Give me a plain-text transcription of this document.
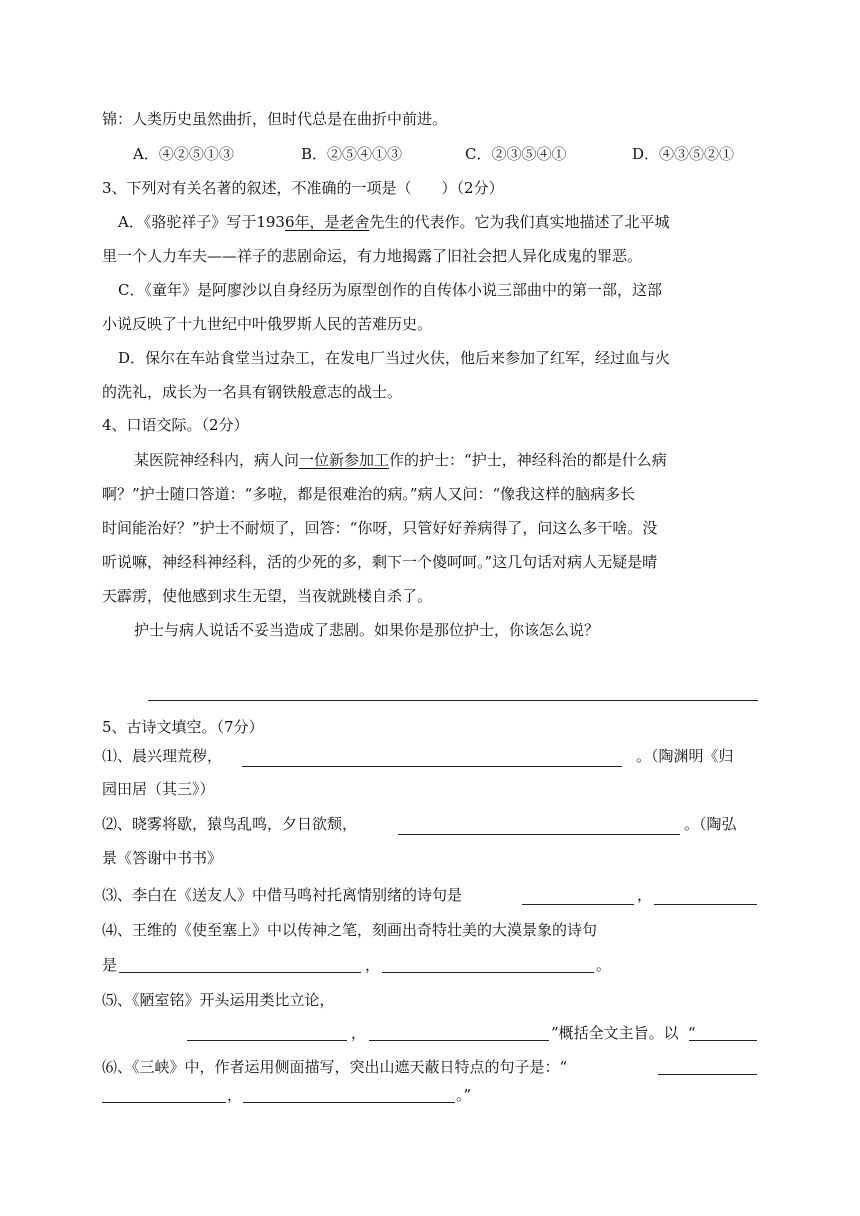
锦：人类历史虽然曲折，但时代总是在曲折中前进。
A．④②⑤①③	B．②⑤④①③	C．②③⑤④①	D．④③⑤②①
3、下列对有关名著的叙述，不准确的一项是（　　）（2分）
A．《骆驼祥子》写于1936年，是老舍先生的代表作。它为我们真实地描述了北平城
里一个人力车夫——祥子的悲剧命运，有力地揭露了旧社会把人异化成鬼的罪恶。
C．《童年》是阿廖沙以自身经历为原型创作的自传体小说三部曲中的第一部，这部
小说反映了十九世纪中叶俄罗斯人民的苦难历史。
D．保尔在车站食堂当过杂工，在发电厂当过火伕，他后来参加了红军，经过血与火
的洗礼，成长为一名具有钢铁般意志的战士。
4、口语交际。（2分）
某医院神经科内，病人问一位新参加工作的护士：“护士，神经科治的都是什么病
啊？”护士随口答道：“多啦，都是很难治的病。”病人又问：“像我这样的脑病多长
时间能治好？”护士不耐烦了，回答：“你呀，只管好好养病得了，问这么多干啥。没
听说嘛，神经科神经科，活的少死的多，剩下一个傻呵呵。”这几句话对病人无疑是晴
天霹雳，使他感到求生无望，当夜就跳楼自杀了。
护士与病人说话不妥当造成了悲剧。如果你是那位护士，你该怎么说？
5、古诗文填空。（7分）
⑴、晨兴理荒秽，	。（陶渊明《归
园田居（其三》）
⑵、晓雾将歇，猿鸟乱鸣，夕日欲颓，	。（陶弘
景《答谢中书书》
⑶、李白在《送友人》中借马鸣衬托离情别绪的诗句是	，
⑷、王维的《使至塞上》中以传神之笔，刻画出奇特壮美的大漠景象的诗句
是	，	。
⑸、《陋室铭》开头运用类比立论，
，	”概括全文主旨。以 “
⑹、《三峡》中，作者运用侧面描写，突出山遮天蔽日特点的句子是：“
，	。”
